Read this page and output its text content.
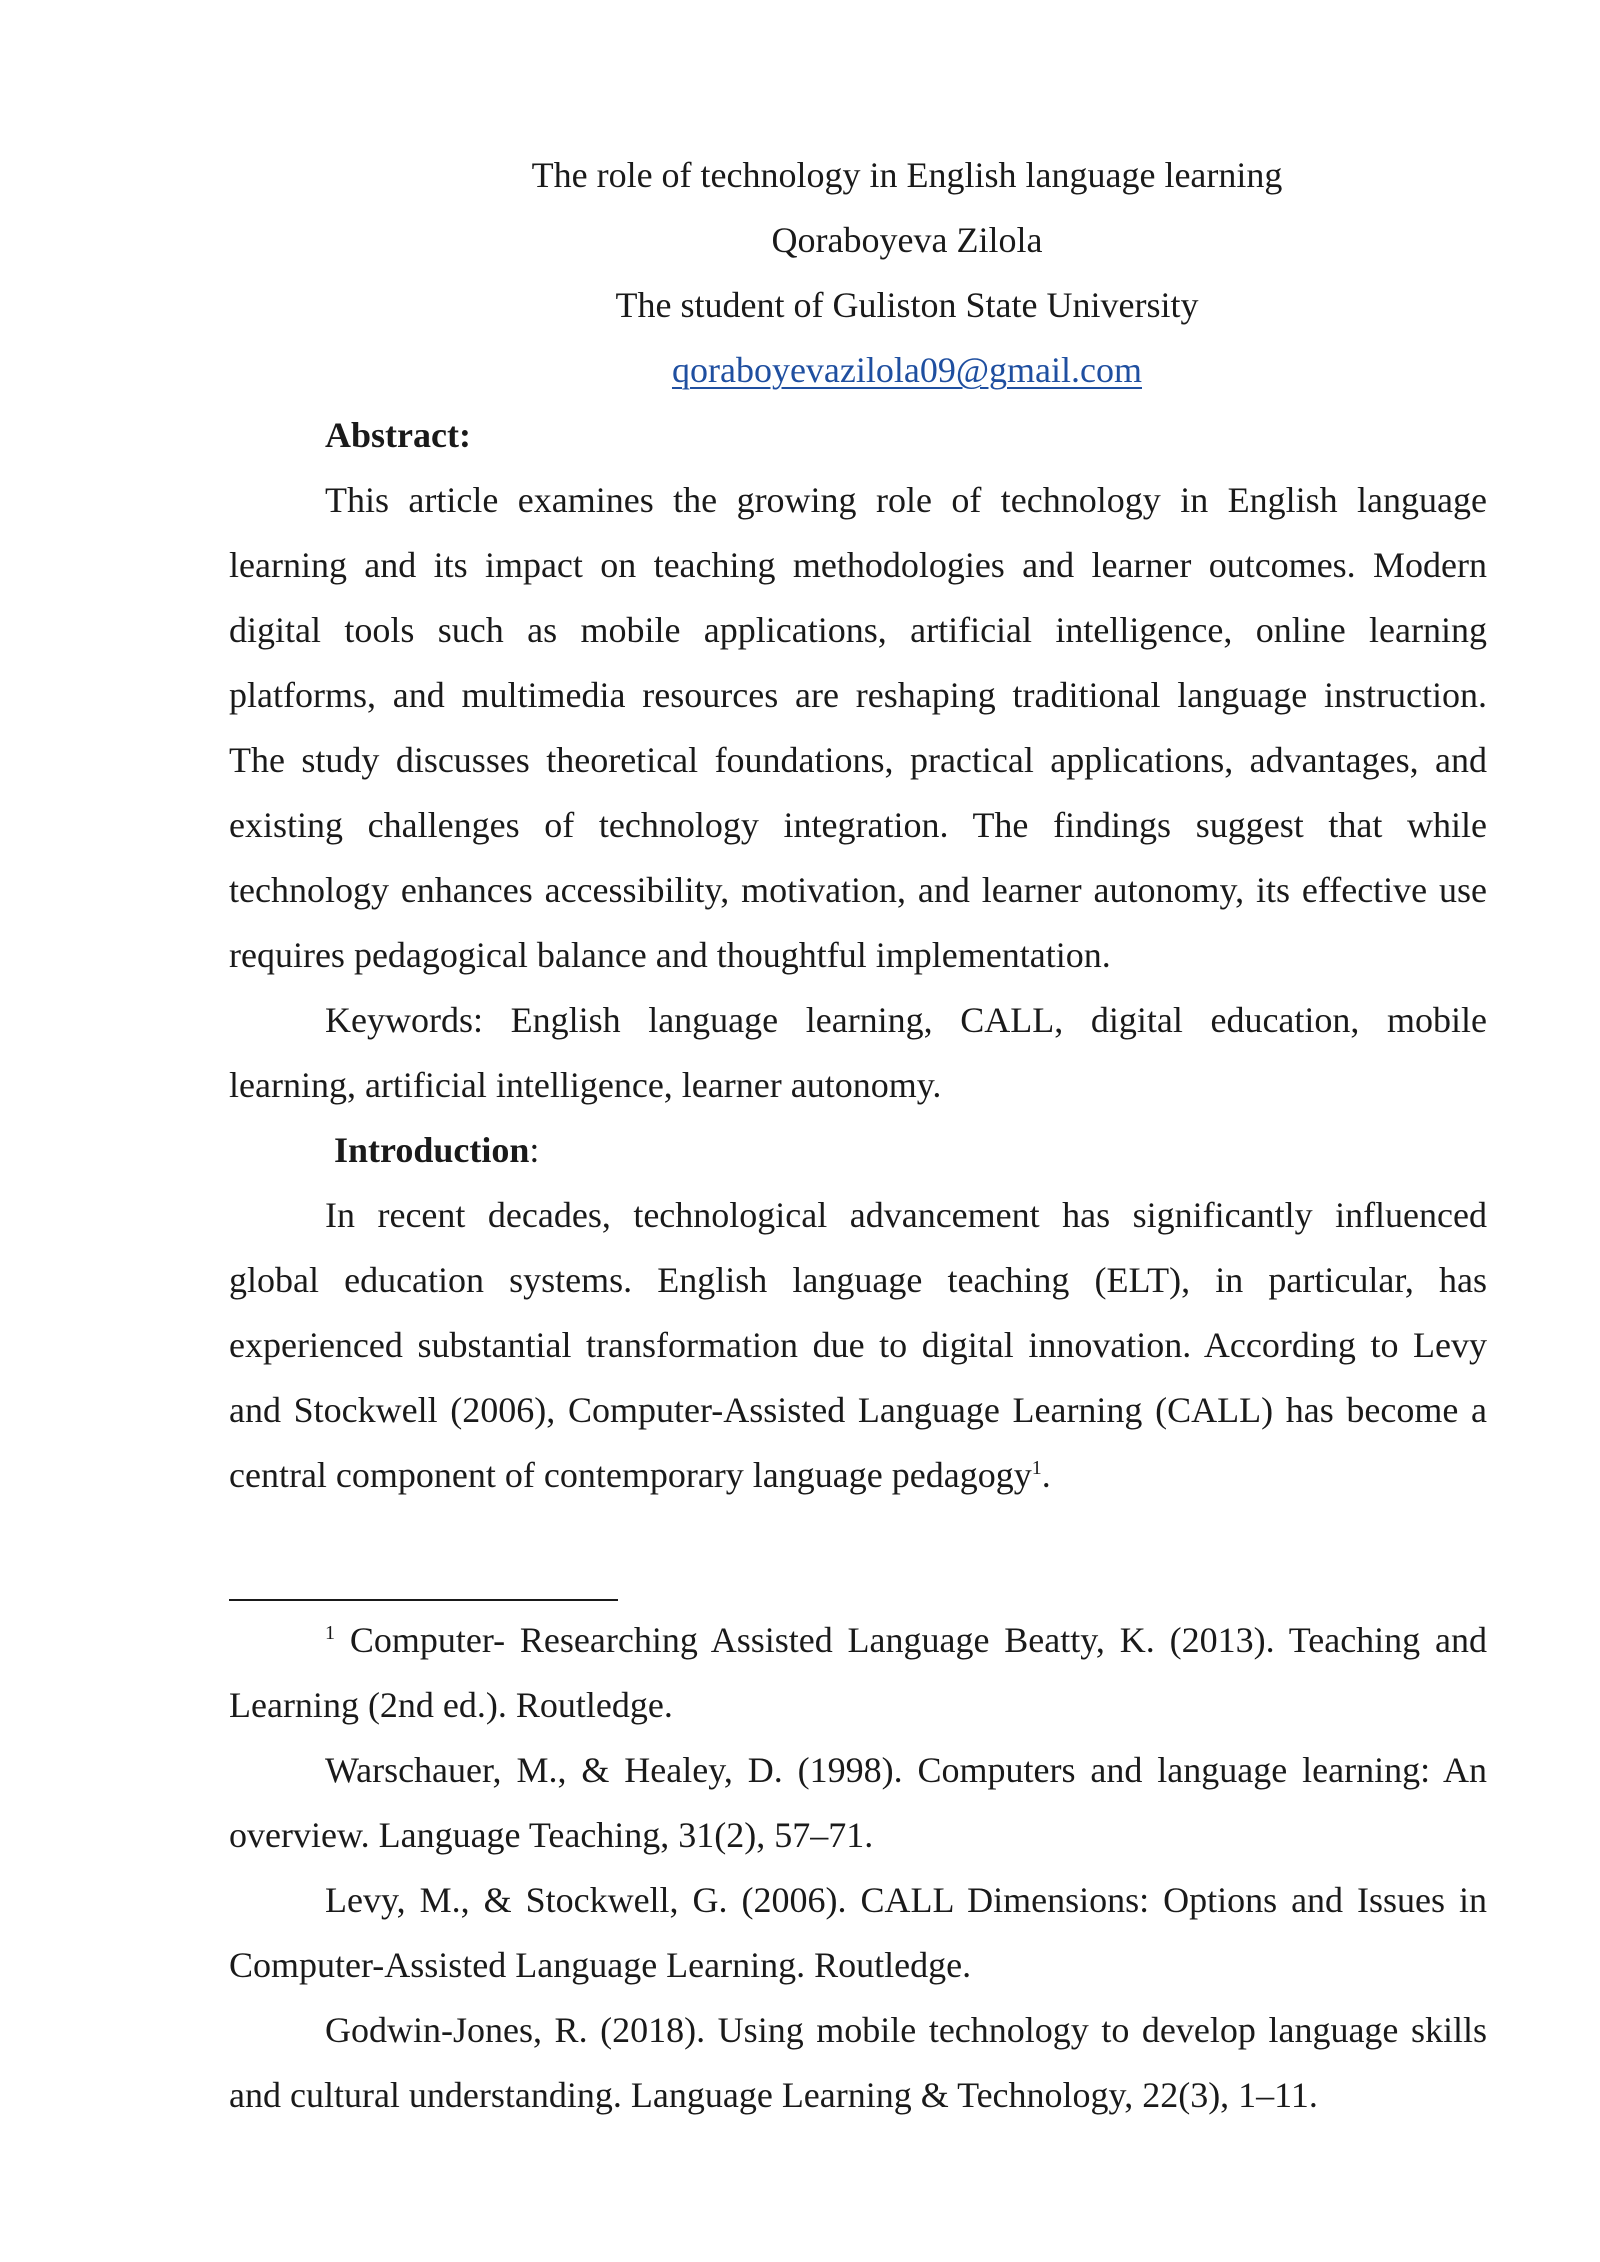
The role of technology in English language learning
Qoraboyeva Zilola
The student of Guliston State University
qoraboyevazilola09@gmail.com
Abstract:

This article examines the growing role of technology in English language learning and its impact on teaching methodologies and learner outcomes. Modern digital tools such as mobile applications, artificial intelligence, online learning platforms, and multimedia resources are reshaping traditional language instruction. The study discusses theoretical foundations, practical applications, advantages, and existing challenges of technology integration. The findings suggest that while technology enhances accessibility, motivation, and learner autonomy, its effective use requires pedagogical balance and thoughtful implementation.

Keywords: English language learning, CALL, digital education, mobile learning, artificial intelligence, learner autonomy.

Introduction:

In recent decades, technological advancement has significantly influenced global education systems. English language teaching (ELT), in particular, has experienced substantial transformation due to digital innovation. According to Levy and Stockwell (2006), Computer-Assisted Language Learning (CALL) has become a central component of contemporary language pedagogy$^1$.

$^1$ Computer- Researching Assisted Language Beatty, K. (2013). Teaching and Learning (2nd ed.). Routledge.

Warschauer, M., & Healey, D. (1998). Computers and language learning: An overview. Language Teaching, 31(2), 57–71.

Levy, M., & Stockwell, G. (2006). CALL Dimensions: Options and Issues in Computer-Assisted Language Learning. Routledge.

Godwin-Jones, R. (2018). Using mobile technology to develop language skills and cultural understanding. Language Learning & Technology, 22(3), 1–11.
